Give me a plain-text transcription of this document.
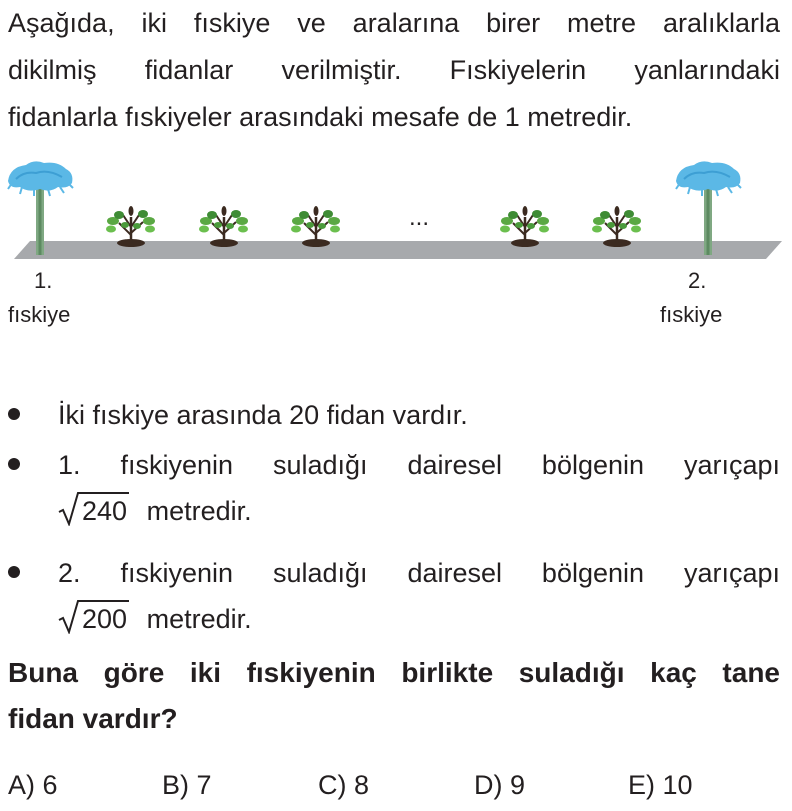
Aşağıda, iki fıskiye ve aralarına birer metre aralıklarla
dikilmiş fidanlar verilmiştir. Fıskiyelerin yanlarındaki
fidanlarla fıskiyeler arasındaki mesafe de 1 metredir.

...
1.
fıskiye
2.
fıskiye
İki fıskiye arasında 20 fidan vardır.
1. fıskiyenin suladığı dairesel bölgenin yarıçapı
240 metredir.
2. fıskiyenin suladığı dairesel bölgenin yarıçapı
200 metredir.

Buna göre iki fıskiyenin birlikte suladığı kaç tane
fidan vardır?

A) 6	B) 7	C) 8	D) 9	E) 10
